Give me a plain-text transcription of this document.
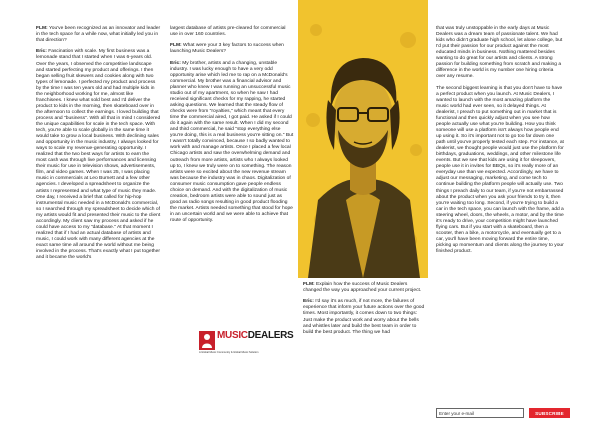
FLM: You've been recognized as an innovator and leader in the tech space for a while now, what initially led you in that direction?

Eric: Fascination with scale. My first business was a lemonade stand that I started when I was 6-years old. Over the years, I observed the competitive landscape and started perfecting my product and offerings. I then began selling fruit skewers and cookies along with two types of lemonade. I perfected my product and process by the time I was ten years old and had multiple kids in the neighborhood working for me, almost like franchisees. I knew what sold best and I'd deliver the product to kids in the morning, then skateboard over in the afternoon to collect the earnings. I loved building that process and "business". With all that in mind I considered the unique capabilities for scale in the tech space. With tech, you're able to scale globally in the same time it would take to grow a local business. With declining sales and opportunity in the music industry, I always looked for ways to scale my revenue-generating opportunity. I realized that the two best ways for artists to earn the most cash was through live performances and licensing their music for use in television shows, advertisements, film, and video games. When I was 25, I was placing music in commercials at Leo Burnett and a few other agencies. I developed a spreadsheet to organize the artists I represented and what type of music they made. One day, I received a brief that called for hip-hop instrumental music needed in a McDonald's commercial, so I searched through my spreadsheet to decide which of my artists would fit and presented their music to the client accordingly. My client saw my process and asked if he could have access to my "database." At that moment I realized that if I had an actual database of artists and music, I could work with many different agencies at the exact same time all around the world without me being involved in the process. That's exactly what I put together and it became the world's

largest database of artists pre-cleared for commercial use in over 160 countries.

FLM: What were your 3 key factors to success when launching Music Dealers?

Eric: My brother, artists and a changing, unstable industry. I was lucky enough to have a very odd opportunity arise which led me to rap on a McDonald's commercial. My brother was a financial advisor and planner who knew I was running an unsuccessful music studio out of my apartment, so when he saw I had received significant checks for my rapping, he started asking questions. We learned that the steady flow of checks were from "royalties," which meant that every time the commercial aired, I got paid. He asked if I could do it again with the same result. When I did my second and third commercial, he said "stop everything else you're doing, this is a real business you're sitting on." But I wasn't totally convinced, because I so badly wanted to work with and manage artists. Once I placed a few local Chicago artists and saw the overwhelming demand and outreach from more artists, artists who I always looked up to, I knew we truly were on to something. The reason artists were so excited about the new revenue stream was because the industry was in chaos. Digitalization of consumer music consumption gave people endless choice on demand. And with the digitalization of music creation, bedroom artists were able to sound just as good as radio songs resulting in good product flooding the market. Artists needed something that stood for hope in an uncertain world and we were able to achieve that route of opportunity.

MUSICDEALERS
A Global Music Community & Global Music Solution

FLM: Explain how the success of Music Dealers changed the way you approached your current project.

Eric: I'd say it's as much, if not more, the failures of experience that inform your future actions over the good times. Most importantly, it comes down to two things: Just make the product work and worry about the bells and whistles later and build the best team in order to build the best product. The thing we had

that was truly unstoppable in the early days at Music Dealers was a dream team of passionate talent. We had kids who didn't graduate high school, let alone college, but I'd put their passion for our product against the most educated minds in business. Nothing mattered besides wanting to do great for our artists and clients. A strong passion for building something from scratch and making a difference in the world is my number one hiring criteria over any resume.

The second biggest learning is that you don't have to have a perfect product when you launch. At Music Dealers, I wanted to launch with the most amazing platform the music world had ever seen, so it delayed things. At dealerist, I preach to put something out in market that is functional and then quickly adjust when you see how people actually use what you're building. How you think someone will use a platform isn't always how people end up using it. So it's important not to go too far down one path until you've properly tested each step. For instance, at dealerist, we thought people would just use the platform for birthdays, graduations, weddings, and other milestone life events. But we see that kids are using it for sleepovers, people use it in invites for BBQs, so it's really more of an everyday use than we expected. Accordingly, we have to adjust our messaging, marketing, and come tech to continue building the platform people will actually use. Two things I preach daily to our team, if you're not embarrassed about the product when you ask your friends to try it, then you're waiting too long. Second, if you're trying to build a car in the tech space, you can launch with the frame, add a steering wheel, doors, the wheels, a motor, and by the time it's ready to drive, your competition might have launched flying cars. But if you start with a skateboard, then a scooter, then a bike, a motorcycle, and eventually get to a car, you'll have been moving forward the entire time, picking up momentum and clients along the journey to your finished product.

Enter your e-mail
SUBSCRIBE
